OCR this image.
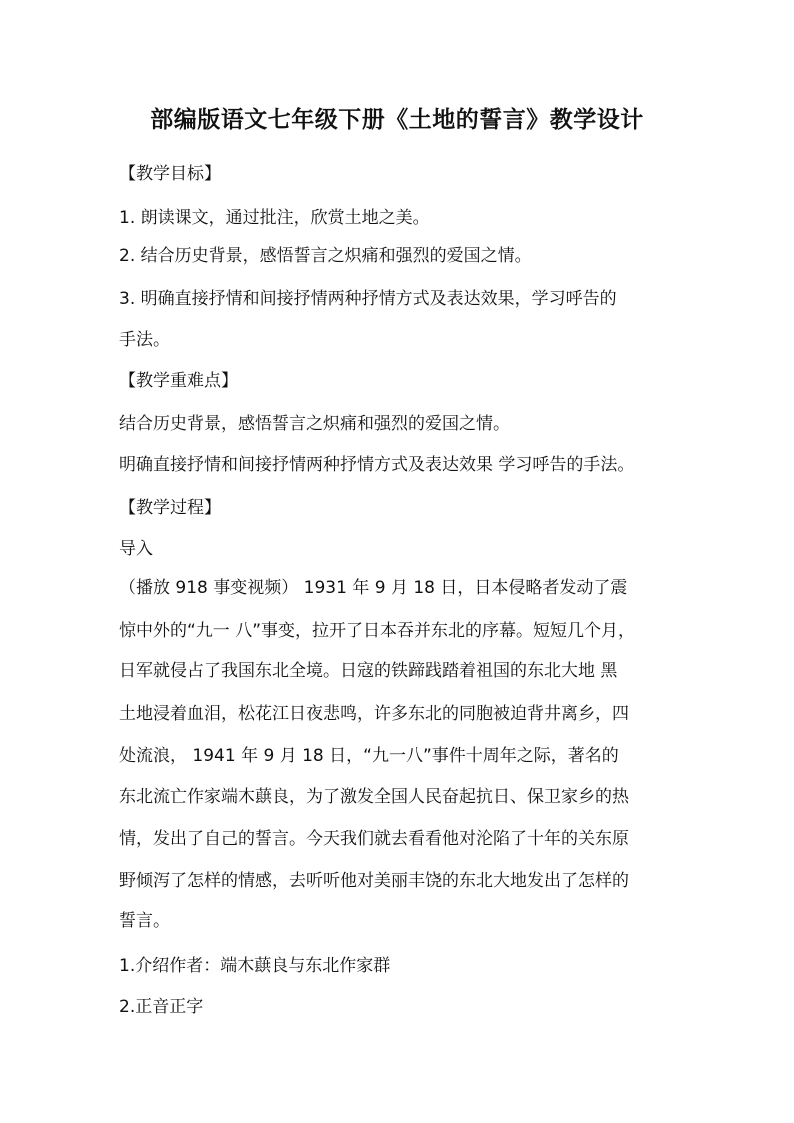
部编版语文七年级下册《土地的誓言》教学设计
【教学目标】
1. 朗读课文，通过批注，欣赏土地之美。
2. 结合历史背景，感悟誓言之炽痛和强烈的爱国之情。
3. 明确直接抒情和间接抒情两种抒情方式及表达效果，学习呼告的
手法。
【教学重难点】
结合历史背景，感悟誓言之炽痛和强烈的爱国之情。
明确直接抒情和间接抒情两种抒情方式及表达效果 学习呼告的手法。
【教学过程】
导入
（播放 918 事变视频） 1931 年 9 月 18 日，日本侵略者发动了震
惊中外的“九一 八”事变，拉开了日本吞并东北的序幕。短短几个月，
日军就侵占了我国东北全境。日寇的铁蹄践踏着祖国的东北大地 黑
土地浸着血泪，松花江日夜悲鸣，许多东北的同胞被迫背井离乡，四
处流浪， 1941 年 9 月 18 日，“九一八”事件十周年之际，著名的
东北流亡作家端木蕻良，为了激发全国人民奋起抗日、保卫家乡的热
情，发出了自己的誓言。今天我们就去看看他对沦陷了十年的关东原
野倾泻了怎样的情感，去听听他对美丽丰饶的东北大地发出了怎样的
誓言。
1.介绍作者：端木蕻良与东北作家群
2.正音正字
